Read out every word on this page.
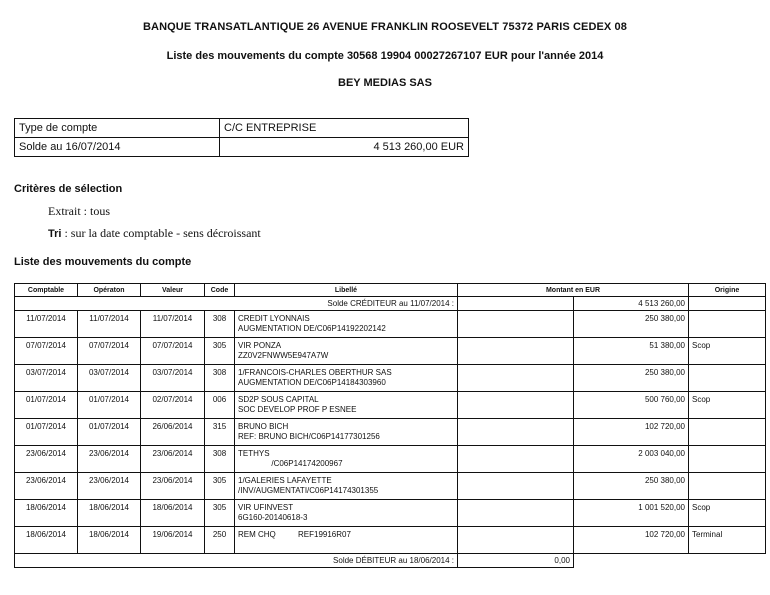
BANQUE TRANSATLANTIQUE 26 AVENUE FRANKLIN ROOSEVELT 75372 PARIS CEDEX 08
Liste des mouvements du compte 30568 19904 00027267107 EUR pour l'année 2014
BEY MEDIAS SAS
Type de compte	C/C ENTREPRISE
Solde au 16/07/2014	4 513 260,00 EUR
Critères de sélection
Extrait : tous
Tri : sur la date comptable - sens décroissant
Liste des mouvements du compte
Comptable	Opératon	Valeur	Code	Libellé	Montant en EUR		Origine
Solde CRÉDITEUR au 11/07/2014 :						4 513 260,00	
11/07/2014	11/07/2014	11/07/2014	308	CREDIT LYONNAIS
AUGMENTATION DE/C06P14192202142		250 380,00	
07/07/2014	07/07/2014	07/07/2014	305	VIR PONZA
ZZ0V2FNWW5E947A7W		51 380,00	Scop
03/07/2014	03/07/2014	03/07/2014	308	1/FRANCOIS-CHARLES OBERTHUR SAS
AUGMENTATION DE/C06P14184303960		250 380,00	
01/07/2014	01/07/2014	02/07/2014	006	SD2P SOUS CAPITAL
SOC DEVELOP PROF P ESNEE		500 760,00	Scop
01/07/2014	01/07/2014	26/06/2014	315	BRUNO BICH
REF: BRUNO BICH/C06P14177301256		102 720,00	
23/06/2014	23/06/2014	23/06/2014	308	TETHYS
/C06P14174200967		2 003 040,00	
23/06/2014	23/06/2014	23/06/2014	305	1/GALERIES LAFAYETTE
/INV/AUGMENTATI/C06P14174301355		250 380,00	
18/06/2014	18/06/2014	18/06/2014	305	VIR UFINVEST
6G160-20140618-3		1 001 520,00	Scop
18/06/2014	18/06/2014	19/06/2014	250	REM CHQ          REF19916R07		102 720,00	Terminal
Solde DÉBITEUR au 18/06/2014 :					0,00		
